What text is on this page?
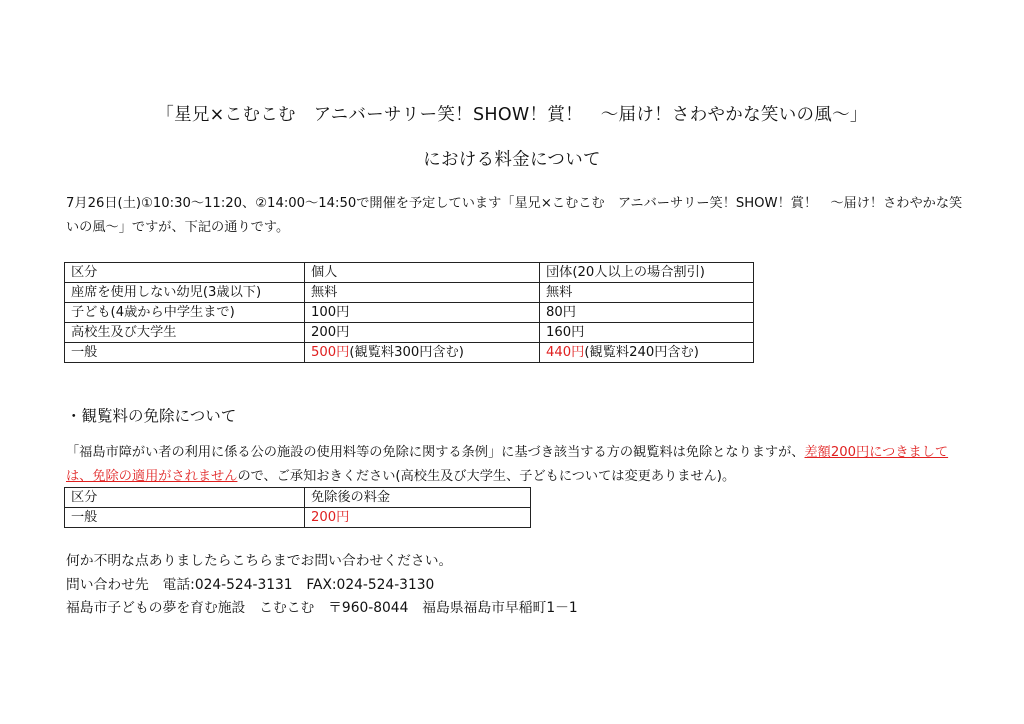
「星兄×こむこむ　アニバーサリー笑！SHOW！賞！　～届け！さわやかな笑いの風～」
における料金について
7月26日(土)①10:30～11:20、②14:00～14:50で開催を予定しています「星兄×こむこむ　アニバーサリー笑！SHOW！賞！　～届け！さわやかな笑いの風～」ですが、下記の通りです。
区分	個人	団体(20人以上の場合割引)
座席を使用しない幼児(3歳以下)	無料	無料
子ども(4歳から中学生まで)	100円	80円
高校生及び大学生	200円	160円
一般	500円(観覧料300円含む)	440円(観覧料240円含む)
・観覧料の免除について
「福島市障がい者の利用に係る公の施設の使用料等の免除に関する条例」に基づき該当する方の観覧料は免除となりますが、差額200円につきましては、免除の適用がされませんので、ご承知おきください(高校生及び大学生、子どもについては変更ありません)。
区分	免除後の料金
一般	200円
何か不明な点ありましたらこちらまでお問い合わせください。
問い合わせ先　電話:024-524-3131　FAX:024-524-3130
福島市子どもの夢を育む施設　こむこむ　〒960-8044　福島県福島市早稲町1－1
